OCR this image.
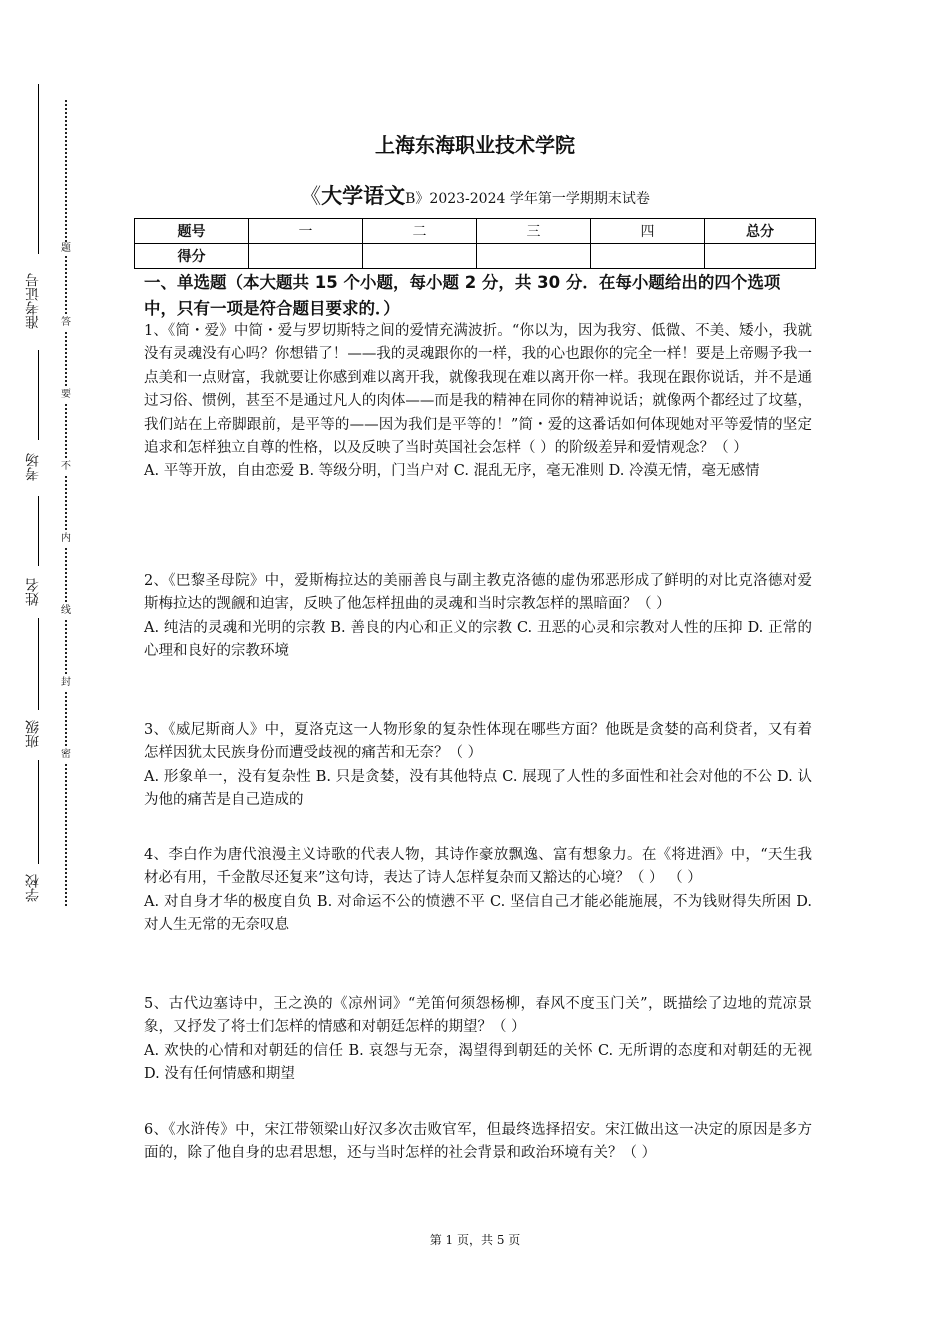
准考证号
考场
姓名
班级
学校
题
答
要
不
内
线
封
密
上海东海职业技术学院
《大学语文B》2023-2024 学年第一学期期末试卷
题号	一	二	三	四	总分
得分					
一、单选题（本大题共 15 个小题，每小题 2 分，共 30 分．在每小题给出的四个选项中，只有一项是符合题目要求的．）

1、《简・爱》中简・爱与罗切斯特之间的爱情充满波折。“你以为，因为我穷、低微、不美、矮小，我就没有灵魂没有心吗？你想错了！——我的灵魂跟你的一样，我的心也跟你的完全一样！要是上帝赐予我一点美和一点财富，我就要让你感到难以离开我，就像我现在难以离开你一样。我现在跟你说话，并不是通过习俗、惯例，甚至不是通过凡人的肉体——而是我的精神在同你的精神说话；就像两个都经过了坟墓，我们站在上帝脚跟前，是平等的——因为我们是平等的！”简・爱的这番话如何体现她对平等爱情的坚定追求和怎样独立自尊的性格，以及反映了当时英国社会怎样（ ）的阶级差异和爱情观念？（ ）

A. 平等开放，自由恋爱 B. 等级分明，门当户对 C. 混乱无序，毫无准则 D. 冷漠无情，毫无感情

2、《巴黎圣母院》中，爱斯梅拉达的美丽善良与副主教克洛德的虚伪邪恶形成了鲜明的对比克洛德对爱斯梅拉达的觊觎和迫害，反映了他怎样扭曲的灵魂和当时宗教怎样的黑暗面？（ ）

A. 纯洁的灵魂和光明的宗教 B. 善良的内心和正义的宗教 C. 丑恶的心灵和宗教对人性的压抑 D. 正常的心理和良好的宗教环境

3、《威尼斯商人》中，夏洛克这一人物形象的复杂性体现在哪些方面？他既是贪婪的高利贷者，又有着怎样因犹太民族身份而遭受歧视的痛苦和无奈？（ ）

A. 形象单一，没有复杂性 B. 只是贪婪，没有其他特点 C. 展现了人性的多面性和社会对他的不公 D. 认为他的痛苦是自己造成的

4、李白作为唐代浪漫主义诗歌的代表人物，其诗作豪放飘逸、富有想象力。在《将进酒》中，“天生我材必有用，千金散尽还复来”这句诗，表达了诗人怎样复杂而又豁达的心境？（ ） （ ）

A. 对自身才华的极度自负 B. 对命运不公的愤懑不平 C. 坚信自己才能必能施展，不为钱财得失所困 D. 对人生无常的无奈叹息

5、古代边塞诗中，王之涣的《凉州词》“羌笛何须怨杨柳，春风不度玉门关”，既描绘了边地的荒凉景象，又抒发了将士们怎样的情感和对朝廷怎样的期望？（ ）

A. 欢快的心情和对朝廷的信任 B. 哀怨与无奈，渴望得到朝廷的关怀 C. 无所谓的态度和对朝廷的无视 D. 没有任何情感和期望

6、《水浒传》中，宋江带领梁山好汉多次击败官军，但最终选择招安。宋江做出这一决定的原因是多方面的，除了他自身的忠君思想，还与当时怎样的社会背景和政治环境有关？（ ）

第 1 页，共 5 页
